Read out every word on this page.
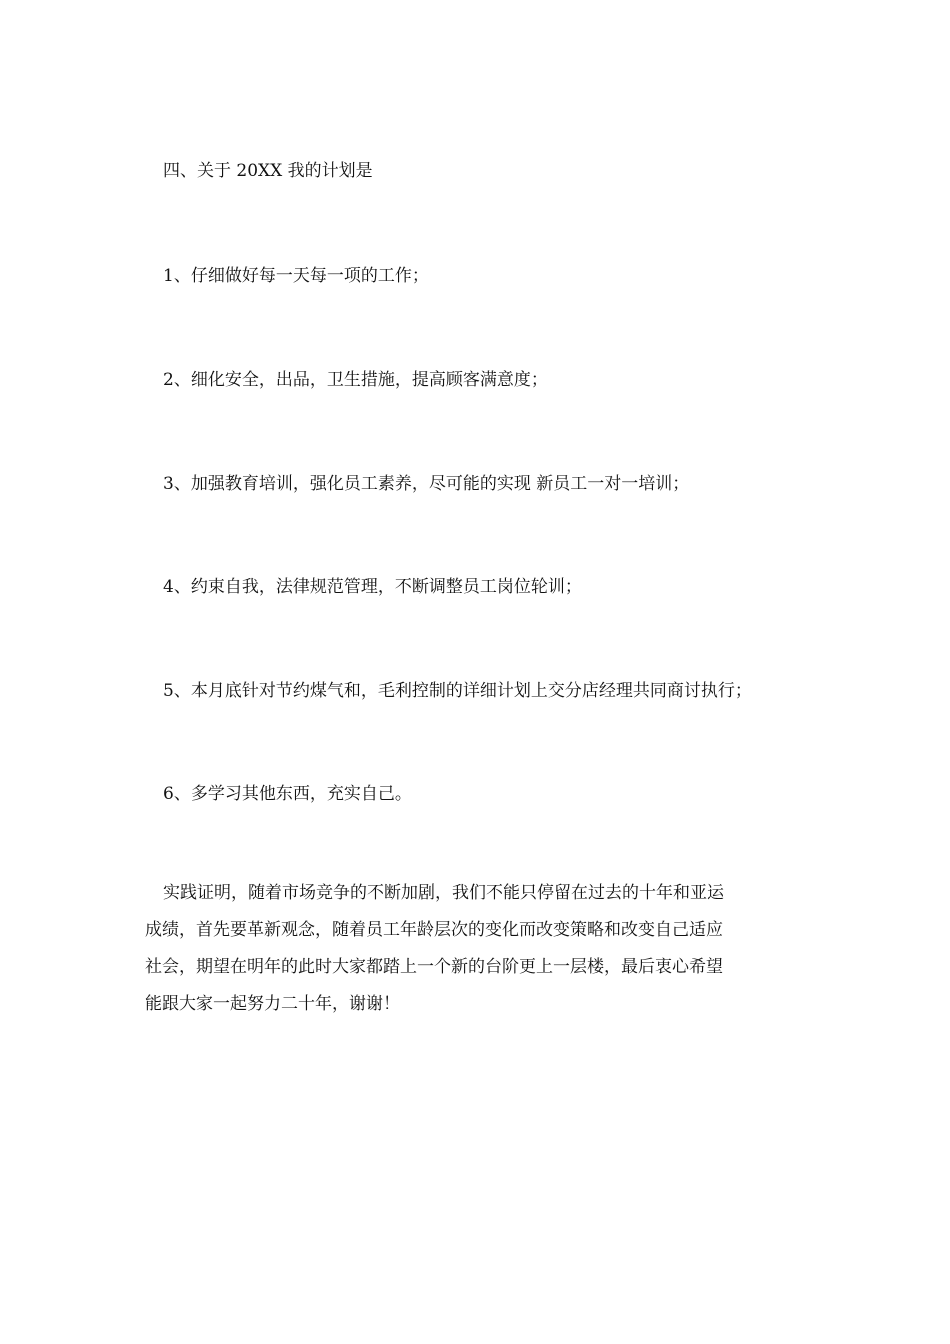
四、关于 20XX 我的计划是
1、仔细做好每一天每一项的工作；
2、细化安全，出品，卫生措施，提高顾客满意度；
3、加强教育培训，强化员工素养，尽可能的实现 新员工一对一培训；
4、约束自我，法律规范管理，不断调整员工岗位轮训；
5、本月底针对节约煤气和，毛利控制的详细计划上交分店经理共同商讨执行；
6、多学习其他东西，充实自己。
实践证明，随着市场竞争的不断加剧，我们不能只停留在过去的十年和亚运
成绩，首先要革新观念，随着员工年龄层次的变化而改变策略和改变自己适应
社会，期望在明年的此时大家都踏上一个新的台阶更上一层楼，最后衷心希望
能跟大家一起努力二十年，谢谢！
